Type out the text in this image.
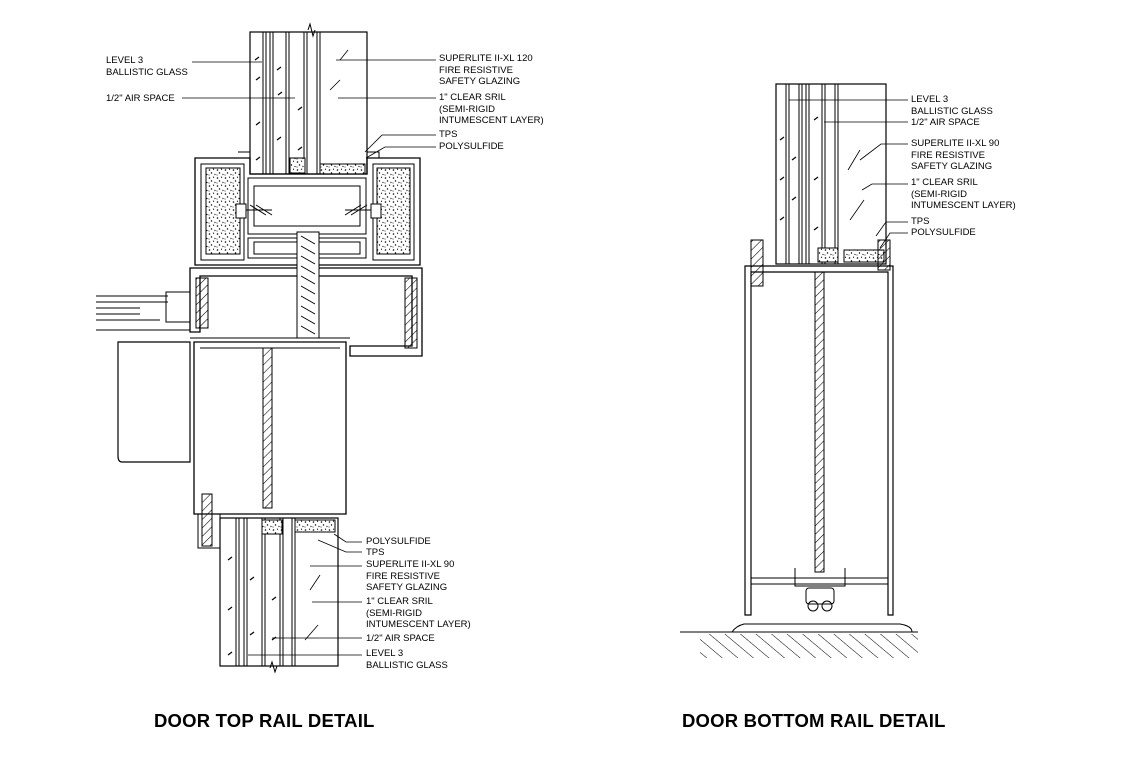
LEVEL 3
BALLISTIC GLASS
1/2" AIR SPACE
SUPERLITE II-XL 120
FIRE RESISTIVE
SAFETY GLAZING
1" CLEAR SRIL
(SEMI-RIGID
INTUMESCENT LAYER)
TPS
POLYSULFIDE
POLYSULFIDE
TPS
SUPERLITE II-XL 90
FIRE RESISTIVE
SAFETY GLAZING
1" CLEAR SRIL
(SEMI-RIGID
INTUMESCENT LAYER)
1/2" AIR SPACE
LEVEL 3
BALLISTIC GLASS
LEVEL 3
BALLISTIC GLASS
1/2" AIR SPACE
SUPERLITE II-XL 90
FIRE RESISTIVE
SAFETY GLAZING
1" CLEAR SRIL
(SEMI-RIGID
INTUMESCENT LAYER)
TPS
POLYSULFIDE
DOOR TOP RAIL DETAIL	DOOR BOTTOM RAIL DETAIL
